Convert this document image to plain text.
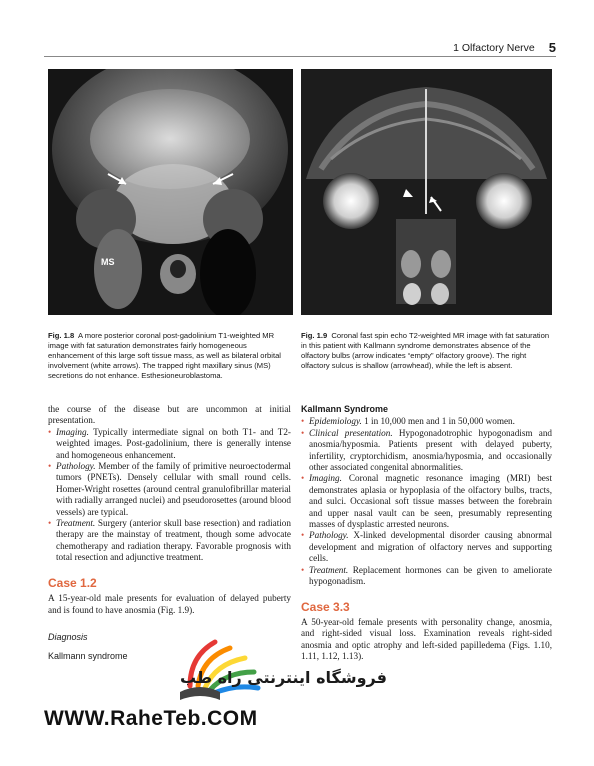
1 Olfactory Nerve 5
MS
Fig. 1.8 A more posterior coronal post-gadolinium T1-weighted MR image with fat saturation demonstrates fairly homogeneous enhancement of this large soft tissue mass, as well as bilateral orbital involvement (white arrows). The trapped right maxillary sinus (MS) secretions do not enhance. Esthesioneuroblastoma.
Fig. 1.9 Coronal fast spin echo T2-weighted MR image with fat saturation in this patient with Kallmann syndrome demonstrates absence of the olfactory bulbs (arrow indicates “empty” olfactory groove). The right olfactory sulcus is shallow (arrowhead), while the left is absent.

the course of the disease but are uncommon at initial presentation.

• Imaging. Typically intermediate signal on both T1- and T2-weighted images. Post-gadolinium, there is generally intense and homogeneous enhancement.
• Pathology. Member of the family of primitive neuroectodermal tumors (PNETs). Densely cellular with small round cells. Homer-Wright rosettes (around central granulofibrillar material with radially arranged nuclei) and pseudorosettes (around blood vessels) are typical.
• Treatment. Surgery (anterior skull base resection) and radiation therapy are the mainstay of treatment, though some advocate chemotherapy and radiation therapy. Favorable prognosis with total resection and adjunctive treatment.

Case 1.2

A 15-year-old male presents for evaluation of delayed puberty and is found to have anosmia (Fig. 1.9).

Diagnosis

Kallmann syndrome

Kallmann Syndrome

• Epidemiology. 1 in 10,000 men and 1 in 50,000 women.
• Clinical presentation. Hypogonadotrophic hypogonadism and anosmia/hyposmia. Patients present with delayed puberty, infertility, cryptorchidism, anosmia/hyposmia, and occasionally other associated congenital abnormalities.
• Imaging. Coronal magnetic resonance imaging (MRI) best demonstrates aplasia or hypoplasia of the olfactory bulbs, tracts, and sulci. Occasional soft tissue masses between the forebrain and upper nasal vault can be seen, presumably representing masses of dysplastic arrested neurons.
• Pathology. X-linked developmental disorder causing abnormal development and migration of olfactory nerves and supporting cells.
• Treatment. Replacement hormones can be given to ameliorate hypogonadism.

Case 3.3

A 50-year-old female presents with personality change, anosmia, and right-sided visual loss. Examination reveals right-sided anosmia and optic atrophy and left-sided papilledema (Figs. 1.10, 1.11, 1.12, 1.13).

فروشگاه اینترنتی راه طب
WWW.RaheTeb.COM
